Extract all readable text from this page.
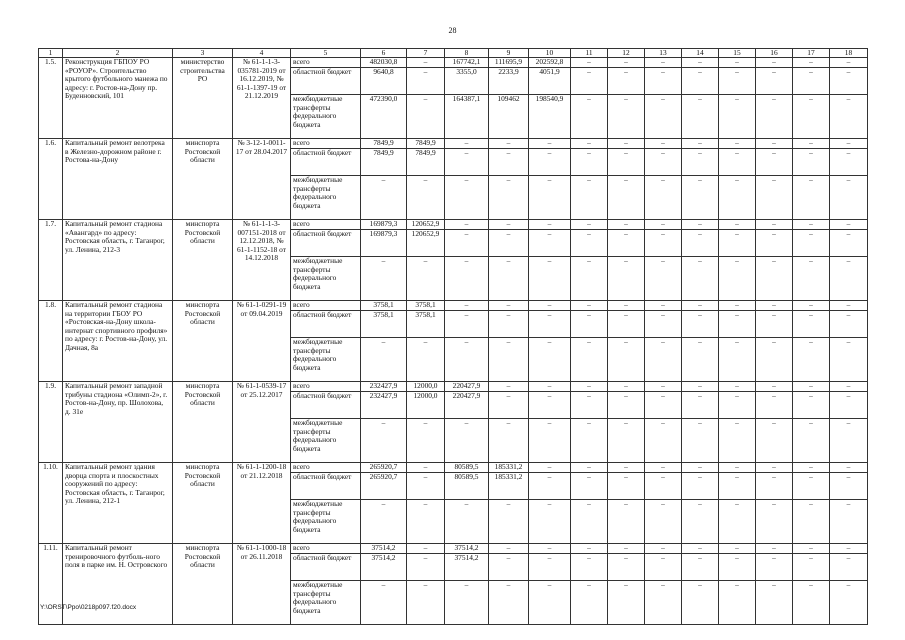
28
1	2	3	4	5	6	7	8	9	10	11	12	13	14	15	16	17	18
1.5.	Реконструкция ГБПОУ РО «РОУОР». Строительство крытого футбольного манежа по адресу: г. Ростов-на-Дону пр. Буденновский, 101	министерство строительства РО	№ 61-1-1-3-035781-2019 от 16.12.2019, № 61-1-1397-19 от 21.12.2019	всего	482030,8	–	167742,1	111695,9	202592,8	–	–	–	–	–	–	–	–
				областной бюджет	9640,8	–	3355,0	2233,9	4051,9	–	–	–	–	–	–	–	–
				межбюджетные трансферты федерального бюджета	472390,0	–	164387,1	109462	198540,9	–	–	–	–	–	–	–	–
1.6.	Капитальный ремонт велотрека в Железно-дорожном районе г. Ростова-на-Дону	минспорта Ростовской области	№ 3-12-1-0011-17 от 28.04.2017	всего	7849,9	7849,9	–	–	–	–	–	–	–	–	–	–	–
				областной бюджет	7849,9	7849,9	–	–	–	–	–	–	–	–	–	–	–
				межбюджетные трансферты федерального бюджета	–	–	–	–	–	–	–	–	–	–	–	–	–
1.7.	Капитальный ремонт стадиона «Авангард» по адресу: Ростовская область, г. Таганрог, ул. Ленина, 212-3	минспорта Ростовской области	№ 61-1-1-3-007151-2018 от 12.12.2018, № 61-1-1152-18 от 14.12.2018	всего	169879,3	120652,9	–	–	–	–	–	–	–	–	–	–	–
				областной бюджет	169879,3	120652,9	–	–	–	–	–	–	–	–	–	–	–
				межбюджетные трансферты федерального бюджета	–	–	–	–	–	–	–	–	–	–	–	–	–
1.8.	Капитальный ремонт стадиона на территории ГБОУ РО «Ростовская-на-Дону школа-интернат спортивного профиля» по адресу: г. Ростов-на-Дону, ул. Дачная, 8а	минспорта Ростовской области	№ 61-1-0291-19 от 09.04.2019	всего	3758,1	3758,1	–	–	–	–	–	–	–	–	–	–	–
				областной бюджет	3758,1	3758,1	–	–	–	–	–	–	–	–	–	–	–
				межбюджетные трансферты федерального бюджета	–	–	–	–	–	–	–	–	–	–	–	–	–
1.9.	Капитальный ремонт западной трибуны стадиона «Олимп-2», г. Ростов-на-Дону, пр. Шолохова, д. 31е	минспорта Ростовской области	№ 61-1-0539-17 от 25.12.2017	всего	232427,9	12000,0	220427,9	–	–	–	–	–	–	–	–	–	–
				областной бюджет	232427,9	12000,0	220427,9	–	–	–	–	–	–	–	–	–	–
				межбюджетные трансферты федерального бюджета	–	–	–	–	–	–	–	–	–	–	–	–	–
1.10.	Капитальный ремонт здания дворца спорта и плоскостных сооружений по адресу: Ростовская область, г. Таганрог, ул. Ленина, 212-1	минспорта Ростовской области	№ 61-1-1200-18 от 21.12.2018	всего	265920,7	–	80589,5	185331,2	–	–	–	–	–	–	–	–	–
				областной бюджет	265920,7	–	80589,5	185331,2	–	–	–	–	–	–	–	–	–
				межбюджетные трансферты федерального бюджета	–	–	–	–	–	–	–	–	–	–	–	–	–
1.11.	Капитальный ремонт тренировочного футболь-ного поля в парке им. Н. Островского	минспорта Ростовской области	№ 61-1-1000-18 от 26.11.2018	всего	37514,2	–	37514,2	–	–	–	–	–	–	–	–	–	–
				областной бюджет	37514,2	–	37514,2	–	–	–	–	–	–	–	–	–	–
				межбюджетные трансферты федерального бюджета	–	–	–	–	–	–	–	–	–	–	–	–	–
Y:\ORST\Ppo\0218p097.f20.docx
